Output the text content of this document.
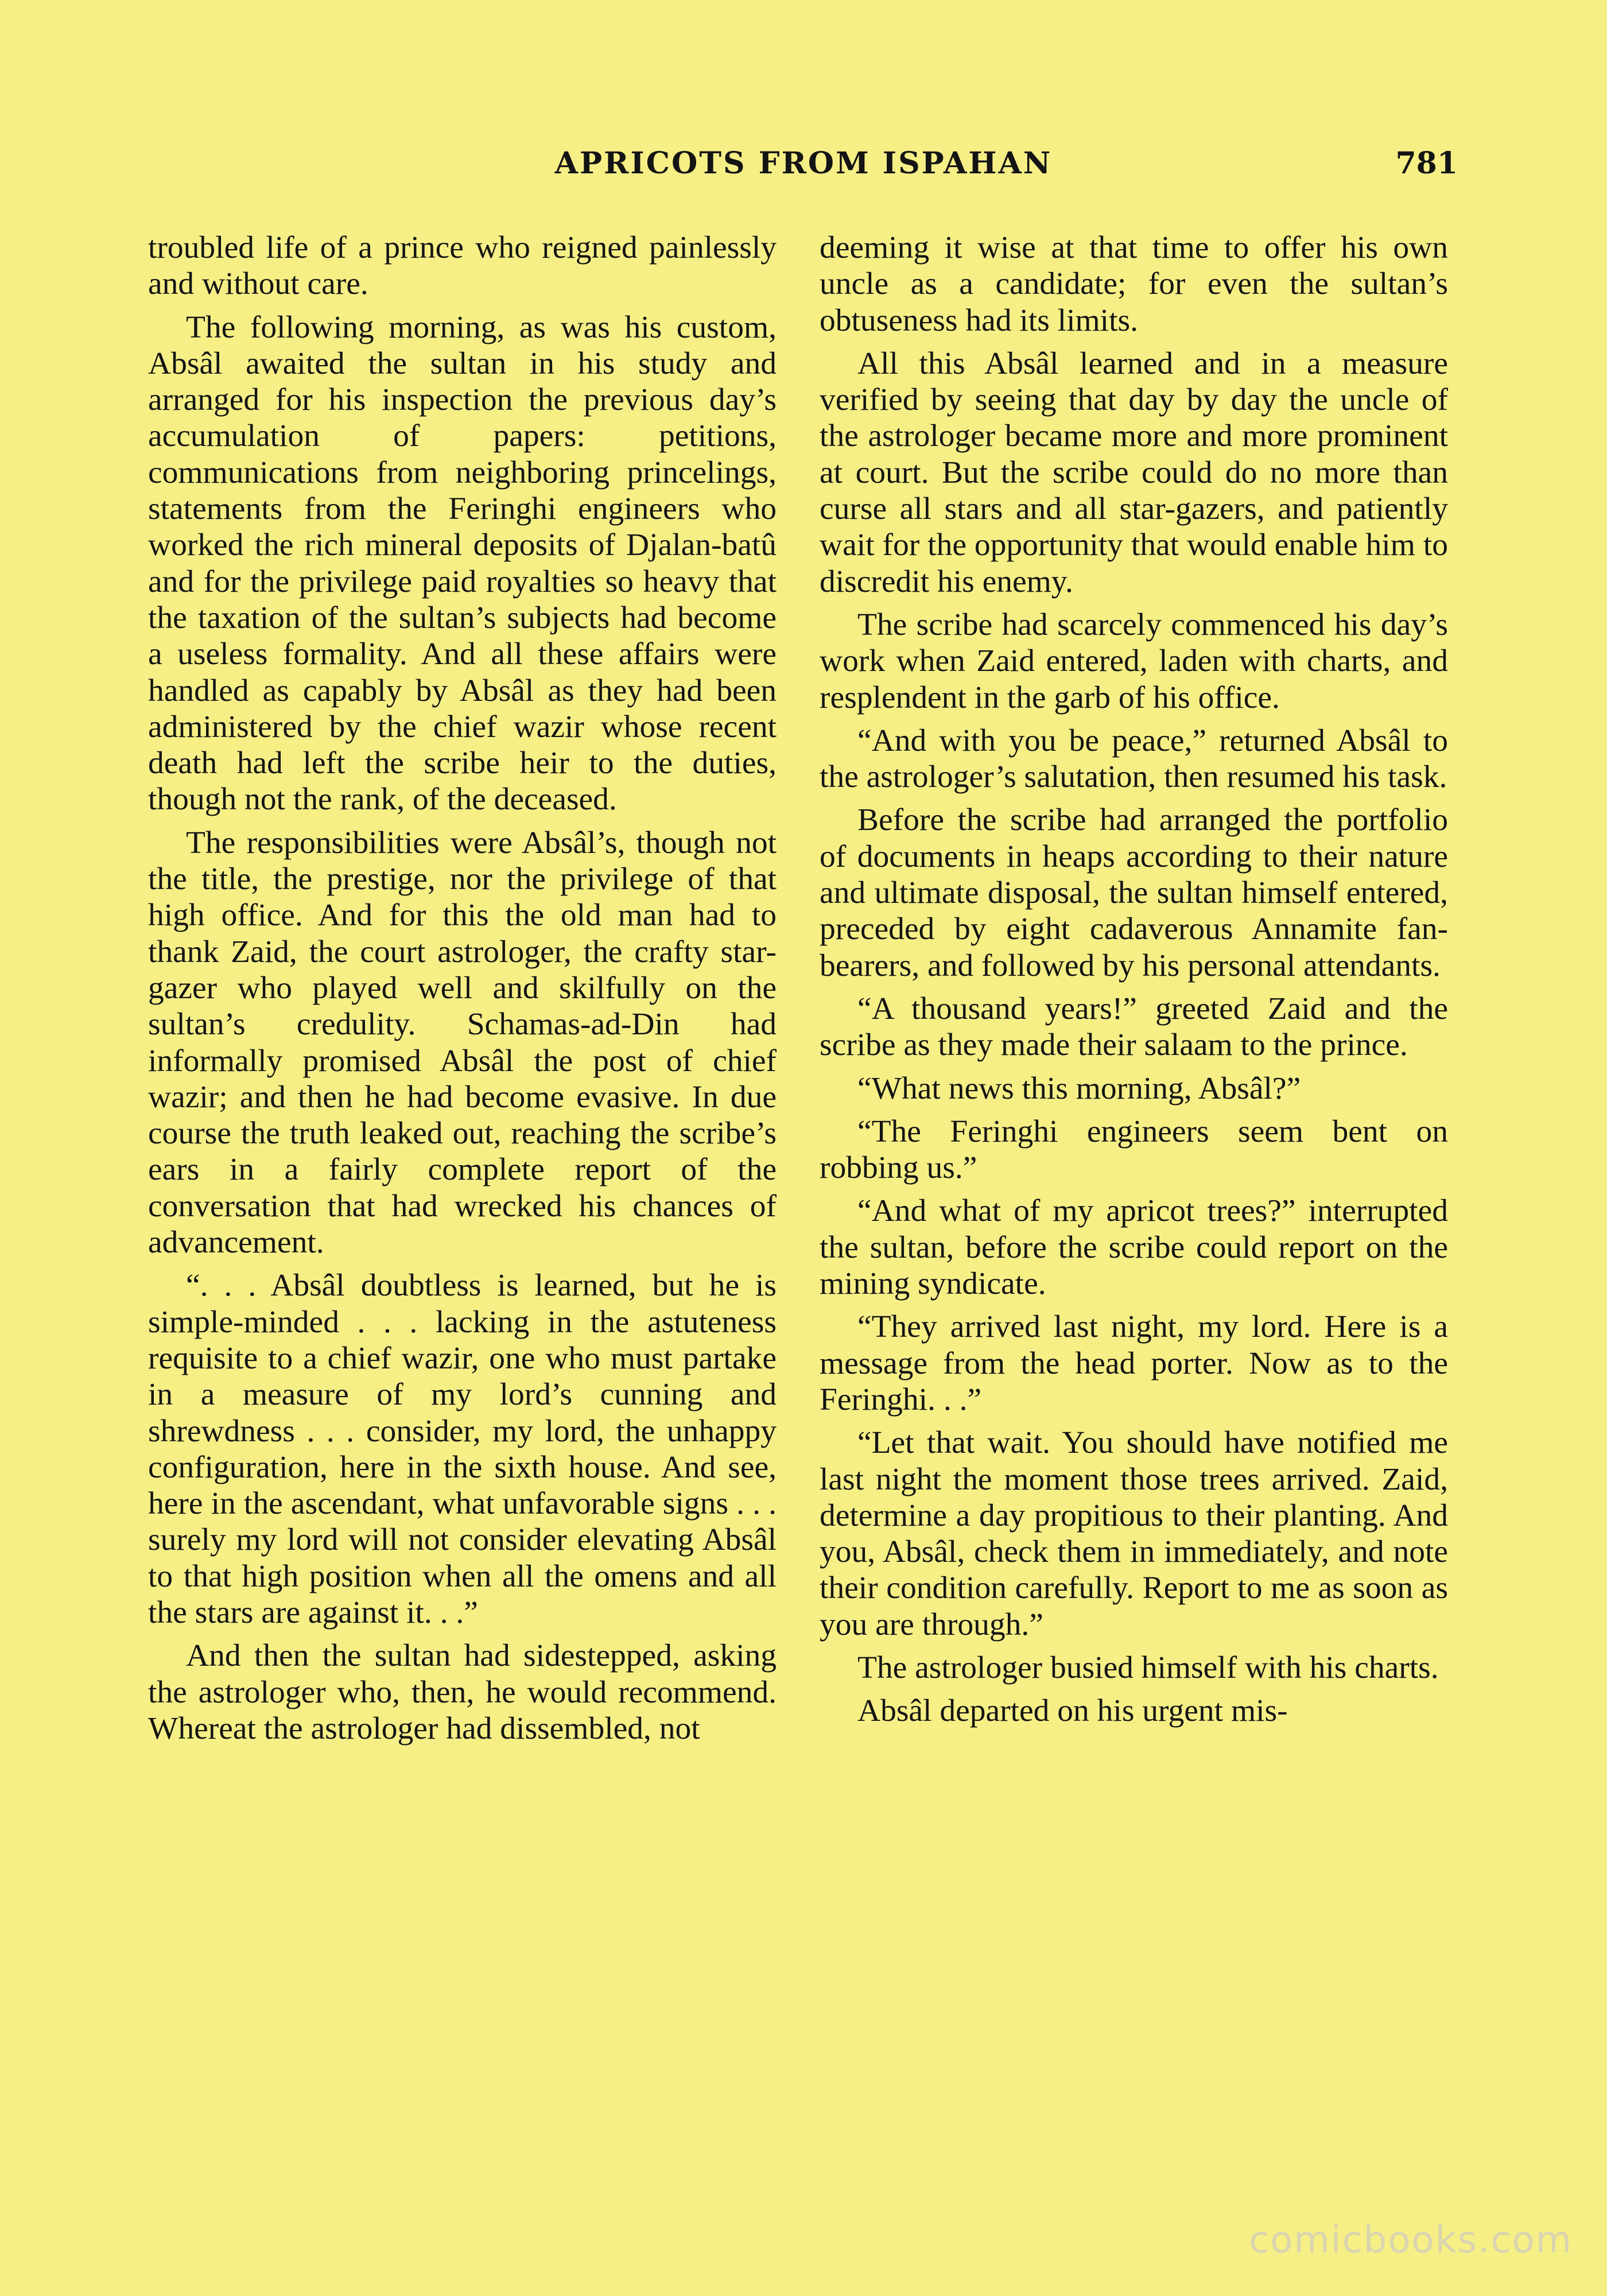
APRICOTS FROM ISPAHAN	781

troubled life of a prince who reigned painlessly and without care.

The following morning, as was his custom, Absâl awaited the sultan in his study and arranged for his inspection the previous day’s accumulation of papers: petitions, communications from neighboring princelings, statements from the Feringhi engineers who worked the rich mineral deposits of Djalan-batû and for the privilege paid royalties so heavy that the taxation of the sultan’s subjects had become a useless formality. And all these affairs were handled as capably by Absâl as they had been administered by the chief wazir whose recent death had left the scribe heir to the duties, though not the rank, of the deceased.

The responsibilities were Absâl’s, though not the title, the prestige, nor the privilege of that high office. And for this the old man had to thank Zaid, the court astrologer, the crafty star-gazer who played well and skilfully on the sultan’s credulity. Schamas-ad-Din had informally promised Absâl the post of chief wazir; and then he had become evasive. In due course the truth leaked out, reaching the scribe’s ears in a fairly complete report of the conversation that had wrecked his chances of advancement.

“. . . Absâl doubtless is learned, but he is simple-minded . . . lacking in the astuteness requisite to a chief wazir, one who must partake in a measure of my lord’s cunning and shrewdness . . . consider, my lord, the unhappy configuration, here in the sixth house. And see, here in the ascendant, what unfavorable signs . . . surely my lord will not consider elevating Absâl to that high position when all the omens and all the stars are against it. . .”

And then the sultan had sidestepped, asking the astrologer who, then, he would recommend. Whereat the astrologer had dissembled, not

deeming it wise at that time to offer his own uncle as a candidate; for even the sultan’s obtuseness had its limits.

All this Absâl learned and in a measure verified by seeing that day by day the uncle of the astrologer became more and more prominent at court. But the scribe could do no more than curse all stars and all star-gazers, and patiently wait for the opportunity that would enable him to discredit his enemy.

The scribe had scarcely commenced his day’s work when Zaid entered, laden with charts, and resplendent in the garb of his office.

“And with you be peace,” returned Absâl to the astrologer’s salutation, then resumed his task.

Before the scribe had arranged the portfolio of documents in heaps according to their nature and ultimate disposal, the sultan himself entered, preceded by eight cadaverous Annamite fan-bearers, and followed by his personal attendants.

“A thousand years!” greeted Zaid and the scribe as they made their salaam to the prince.

“What news this morning, Absâl?”

“The Feringhi engineers seem bent on robbing us.”

“And what of my apricot trees?” interrupted the sultan, before the scribe could report on the mining syndicate.

“They arrived last night, my lord. Here is a message from the head porter. Now as to the Feringhi. . .”

“Let that wait. You should have notified me last night the moment those trees arrived. Zaid, determine a day propitious to their planting. And you, Absâl, check them in immediately, and note their condition carefully. Report to me as soon as you are through.”

The astrologer busied himself with his charts.

Absâl departed on his urgent mis-

comicbooks.com
